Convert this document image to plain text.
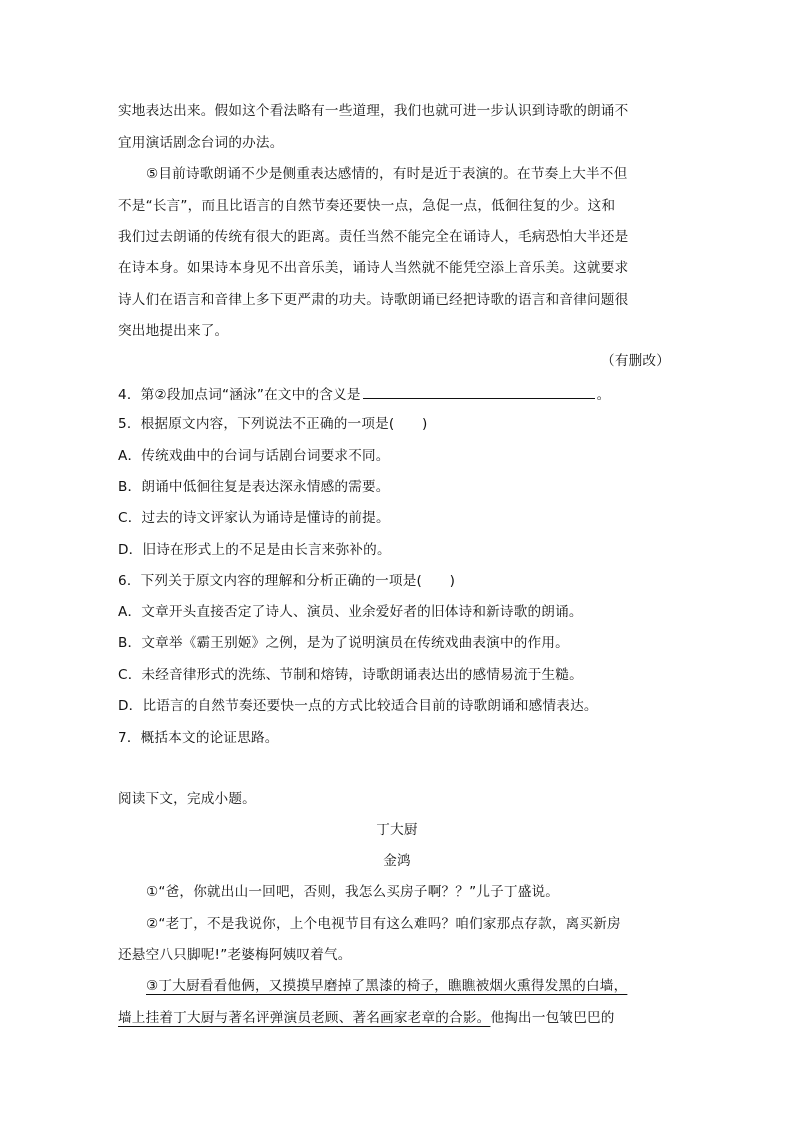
实地表达出来。假如这个看法略有一些道理，我们也就可进一步认识到诗歌的朗诵不
宜用演话剧念台词的办法。
⑤目前诗歌朗诵不少是侧重表达感情的，有时是近于表演的。在节奏上大半不但
不是“长言”，而且比语言的自然节奏还要快一点，急促一点，低徊往复的少。这和
我们过去朗诵的传统有很大的距离。责任当然不能完全在诵诗人，毛病恐怕大半还是
在诗本身。如果诗本身见不出音乐美，诵诗人当然就不能凭空添上音乐美。这就要求
诗人们在语言和音律上多下更严肃的功夫。诗歌朗诵已经把诗歌的语言和音律问题很
突出地提出来了。
（有删改）
4．第②段加点词“涵泳”在文中的含义是	。
5．根据原文内容，下列说法不正确的一项是(　　)
A．传统戏曲中的台词与话剧台词要求不同。
B．朗诵中低徊往复是表达深永情感的需要。
C．过去的诗文评家认为诵诗是懂诗的前提。
D．旧诗在形式上的不足是由长言来弥补的。
6．下列关于原文内容的理解和分析正确的一项是(　　)
A．文章开头直接否定了诗人、演员、业余爱好者的旧体诗和新诗歌的朗诵。
B．文章举《霸王别姬》之例，是为了说明演员在传统戏曲表演中的作用。
C．未经音律形式的洗练、节制和熔铸，诗歌朗诵表达出的感情易流于生糙。
D．比语言的自然节奏还要快一点的方式比较适合目前的诗歌朗诵和感情表达。
7．概括本文的论证思路。
阅读下文，完成小题。
丁大厨
金鸿
①“爸，你就出山一回吧，否则，我怎么买房子啊？？”儿子丁盛说。
②“老丁，不是我说你，上个电视节目有这么难吗？咱们家那点存款，离买新房
还悬空八只脚呢!”老婆梅阿姨叹着气。
③丁大厨看看他俩，又摸摸早磨掉了黑漆的椅子，瞧瞧被烟火熏得发黑的白墙，
墙上挂着丁大厨与著名评弹演员老顾、著名画家老章的合影。他掏出一包皱巴巴的
